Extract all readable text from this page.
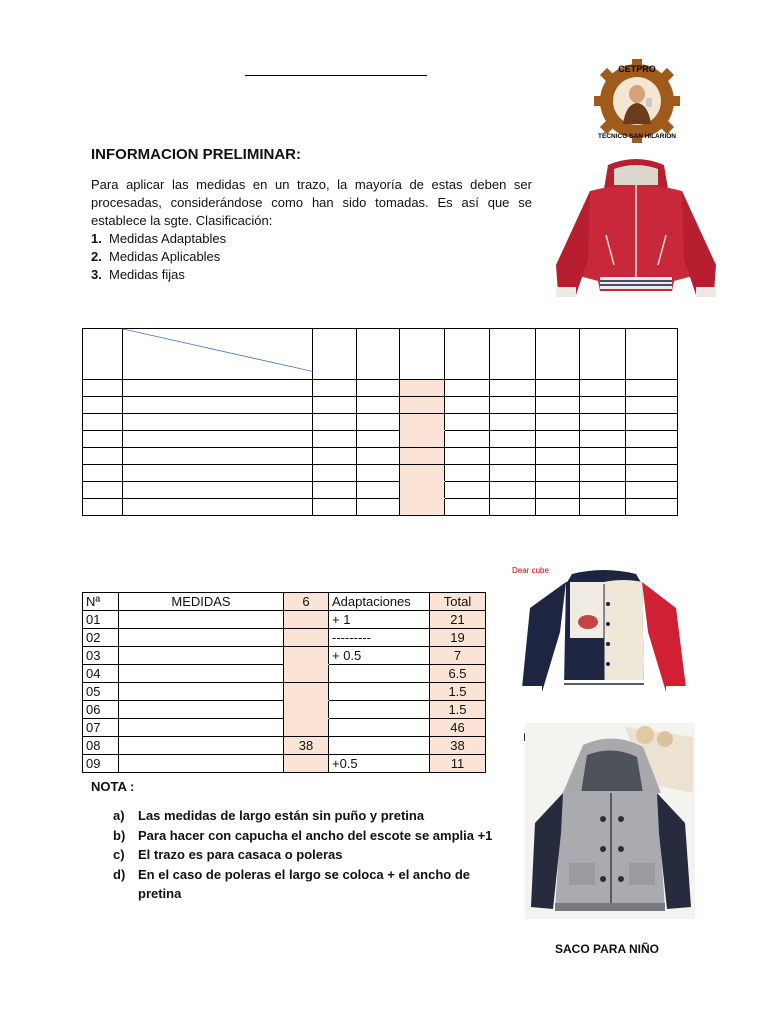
CETPRO
TÉCNICO SAN HILARIÓN
INFORMACION PRELIMINAR:
Para aplicar las medidas en un trazo, la mayoría de estas deben ser procesadas, considerándose como han sido tomadas. Es así que se establece la sgte. Clasificación:
1. Medidas Adaptables
2. Medidas Aplicables
3. Medidas fijas

Nª	MEDIDAS	6	Adaptaciones	Total
01			+ 1	21
02			---------	19
03			+ 0.5	7
04				6.5
05				1.5
06				1.5
07				46
08		38		38
09			+0.5	11
Dear cube
NOTA :
a)	Las medidas de largo están sin puño y pretina
b) Para hacer con capucha el ancho del escote se amplia +1
c)	El trazo es para casaca o poleras
d) En el caso de poleras el largo se coloca + el ancho de pretina
SACO PARA NIÑO
